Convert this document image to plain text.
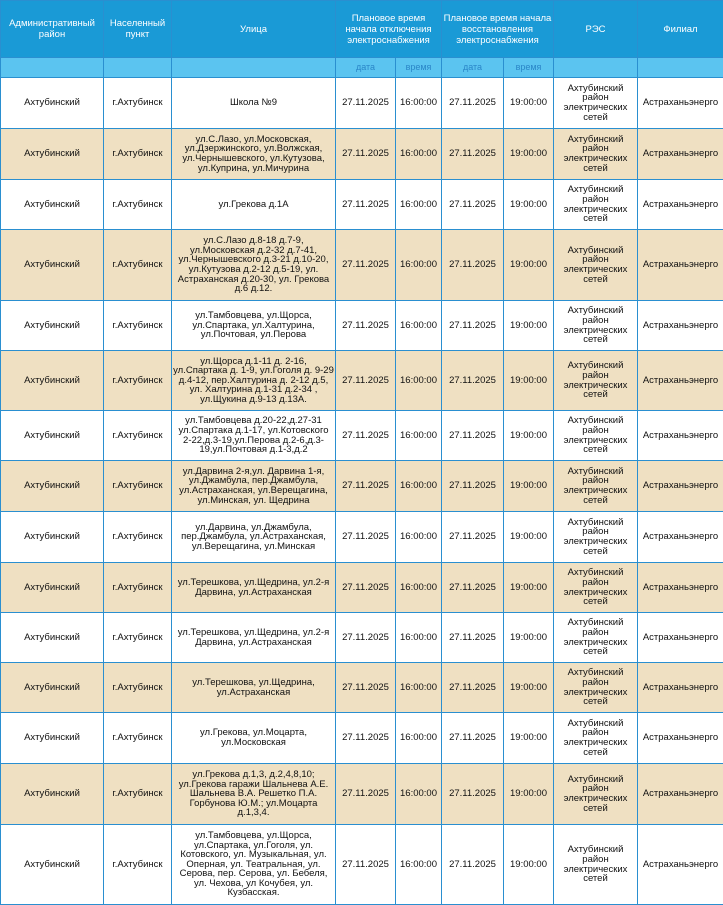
Административный район	Населенный пункт	Улица	Плановое время начала отключения электроснабжения		Плановое время начала восстановления электроснабжения		РЭС	Филиал
			дата	время	дата	время		
Ахтубинский	г.Ахтубинск	Школа №9	27.11.2025	16:00:00	27.11.2025	19:00:00	Ахтубинский район электрических сетей	Астраханьэнерго
Ахтубинский	г.Ахтубинск	ул.С.Лазо, ул.Московская, ул.Дзержинского, ул.Волжская, ул.Чернышевского, ул.Кутузова, ул.Куприна, ул.Мичурина	27.11.2025	16:00:00	27.11.2025	19:00:00	Ахтубинский район электрических сетей	Астраханьэнерго
Ахтубинский	г.Ахтубинск	ул.Грекова д.1А	27.11.2025	16:00:00	27.11.2025	19:00:00	Ахтубинский район электрических сетей	Астраханьэнерго
Ахтубинский	г.Ахтубинск	ул.С.Лазо д.8-18 д.7-9, ул.Московская д.2-32 д.7-41, ул.Чернышевского д.3-21 д.10-20, ул.Кутузова д.2-12 д.5-19, ул. Астраханская д.20-30, ул. Грекова д.6 д.12.	27.11.2025	16:00:00	27.11.2025	19:00:00	Ахтубинский район электрических сетей	Астраханьэнерго
Ахтубинский	г.Ахтубинск	ул.Тамбовцева, ул.Щорса, ул.Спартака, ул.Халтурина, ул.Почтовая, ул.Перова	27.11.2025	16:00:00	27.11.2025	19:00:00	Ахтубинский район электрических сетей	Астраханьэнерго
Ахтубинский	г.Ахтубинск	ул.Щорса д.1-11 д. 2-16, ул.Спартака д. 1-9, ул.Гоголя д. 9-29 д.4-12, пер.Халтурина д. 2-12 д.5, ул. Халтурина д.1-31 д.2-34 , ул.Щукина д.9-13 д.13А.	27.11.2025	16:00:00	27.11.2025	19:00:00	Ахтубинский район электрических сетей	Астраханьэнерго
Ахтубинский	г.Ахтубинск	ул.Тамбовцева д.20-22,д.27-31 ул.Спартака д.1-17, ул.Котовского 2-22,д.3-19,ул.Перова д.2-6,д.3-19,ул.Почтовая д.1-3,д.2	27.11.2025	16:00:00	27.11.2025	19:00:00	Ахтубинский район электрических сетей	Астраханьэнерго
Ахтубинский	г.Ахтубинск	ул.Дарвина 2-я,ул. Дарвина 1-я, ул.Джамбула, пер.Джамбула, ул.Астраханская, ул.Верещагина, ул.Минская, ул. Щедрина	27.11.2025	16:00:00	27.11.2025	19:00:00	Ахтубинский район электрических сетей	Астраханьэнерго
Ахтубинский	г.Ахтубинск	ул.Дарвина, ул.Джамбула, пер.Джамбула, ул.Астраханская, ул.Верещагина, ул.Минская	27.11.2025	16:00:00	27.11.2025	19:00:00	Ахтубинский район электрических сетей	Астраханьэнерго
Ахтубинский	г.Ахтубинск	ул.Терешкова, ул.Щедрина, ул.2-я Дарвина, ул.Астраханская	27.11.2025	16:00:00	27.11.2025	19:00:00	Ахтубинский район электрических сетей	Астраханьэнерго
Ахтубинский	г.Ахтубинск	ул.Терешкова, ул.Щедрина, ул.2-я Дарвина, ул.Астраханская	27.11.2025	16:00:00	27.11.2025	19:00:00	Ахтубинский район электрических сетей	Астраханьэнерго
Ахтубинский	г.Ахтубинск	ул.Терешкова, ул.Щедрина, ул.Астраханская	27.11.2025	16:00:00	27.11.2025	19:00:00	Ахтубинский район электрических сетей	Астраханьэнерго
Ахтубинский	г.Ахтубинск	ул.Грекова, ул.Моцарта, ул.Московская	27.11.2025	16:00:00	27.11.2025	19:00:00	Ахтубинский район электрических сетей	Астраханьэнерго
Ахтубинский	г.Ахтубинск	ул.Грекова д.1,3, д.2,4,8,10; ул.Грекова гаражи Шальнева А.Е. Шальнева В.А. Решетко П.А. Горбунова Ю.М.; ул.Моцарта д.1,3,4.	27.11.2025	16:00:00	27.11.2025	19:00:00	Ахтубинский район электрических сетей	Астраханьэнерго
Ахтубинский	г.Ахтубинск	ул.Тамбовцева, ул.Щорса, ул.Спартака, ул.Гоголя, ул. Котовского, ул. Музыкальная, ул. Оперная, ул. Театральная, ул. Серова, пер. Серова, ул. Бебеля, ул. Чехова, ул Кочубея, ул. Кузбасская.	27.11.2025	16:00:00	27.11.2025	19:00:00	Ахтубинский район электрических сетей	Астраханьэнерго
